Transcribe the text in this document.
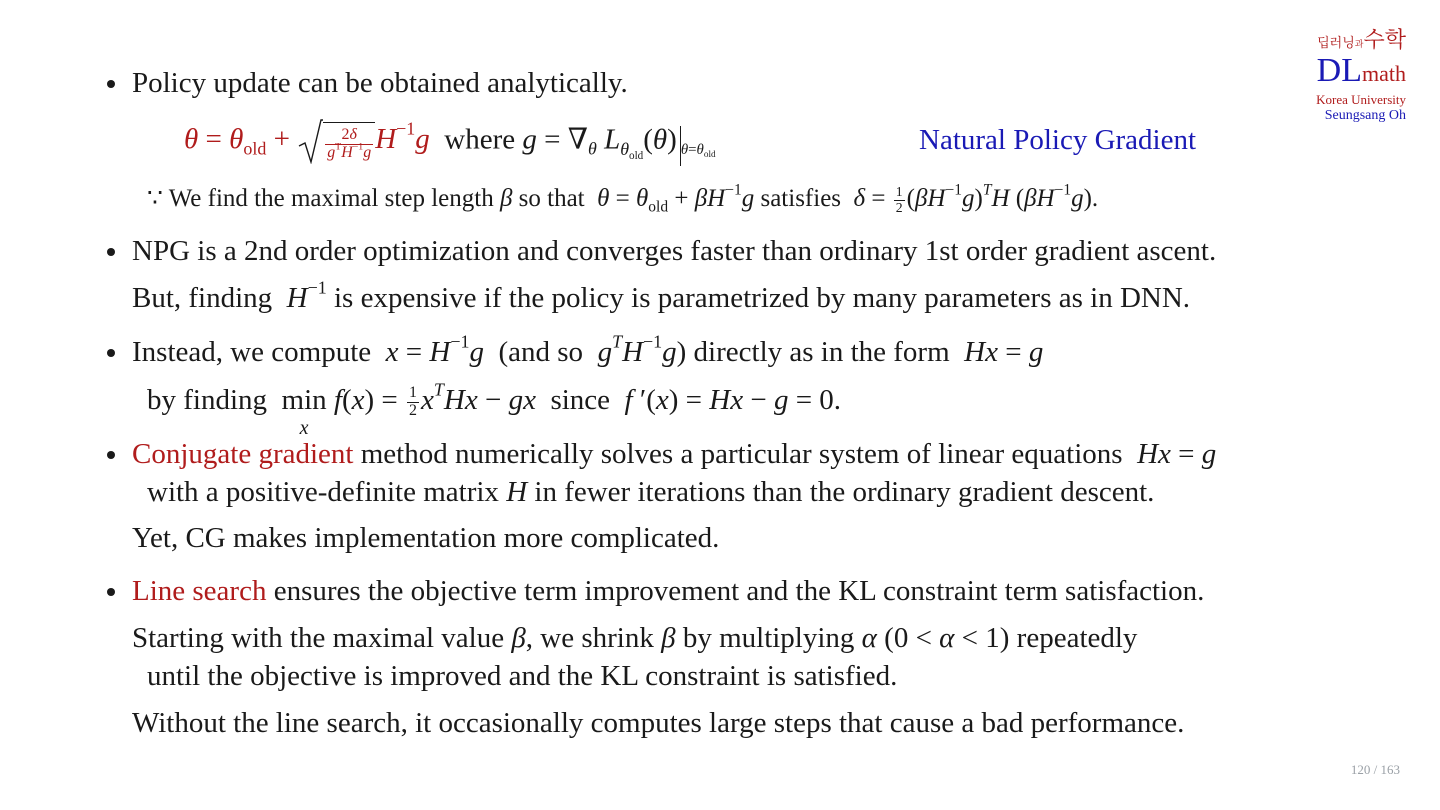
딥러닝과수학
DLmath
Korea University
Seungsang Oh
Policy update can be obtained analytically.
$\theta = \theta_{old} + \frac{2\delta}{g^TH^{-1}g} H^{-1}g$ where $g = \nabla_\theta$ $L_{\theta_{old}}(\theta)$ $_{\theta=\theta_{old}}$	Natural Policy Gradient
∵ We find the maximal step length β so that $\theta = \theta_{old} + \beta H^{-1}g$ satisfies $\delta = \frac{1}{2} (\beta H^{-1}g)^TH$ $(\beta H^{-1}g)$.
NPG is a 2nd order optimization and converges faster than ordinary 1st order gradient ascent.
But, finding $H^{-1}$ is expensive if the policy is parametrized by many parameters as in DNN.
Instead, we compute $x = H^{-1}g$ (and so $g^TH^{-1}g$) directly as in the form Hx = g
by finding min
x
$f(x) = \frac{1}{2} x^THx$ − gx since f ′(x) = Hx − g = 0.
Conjugate gradient method numerically solves a particular system of linear equations Hx = g
with a positive-definite matrix H in fewer iterations than the ordinary gradient descent.
Yet, CG makes implementation more complicated.
Line search ensures the objective term improvement and the KL constraint term satisfaction.
Starting with the maximal value β, we shrink β by multiplying α (0 < α < 1) repeatedly
until the objective is improved and the KL constraint is satisfied.
Without the line search, it occasionally computes large steps that cause a bad performance.
120 / 163
